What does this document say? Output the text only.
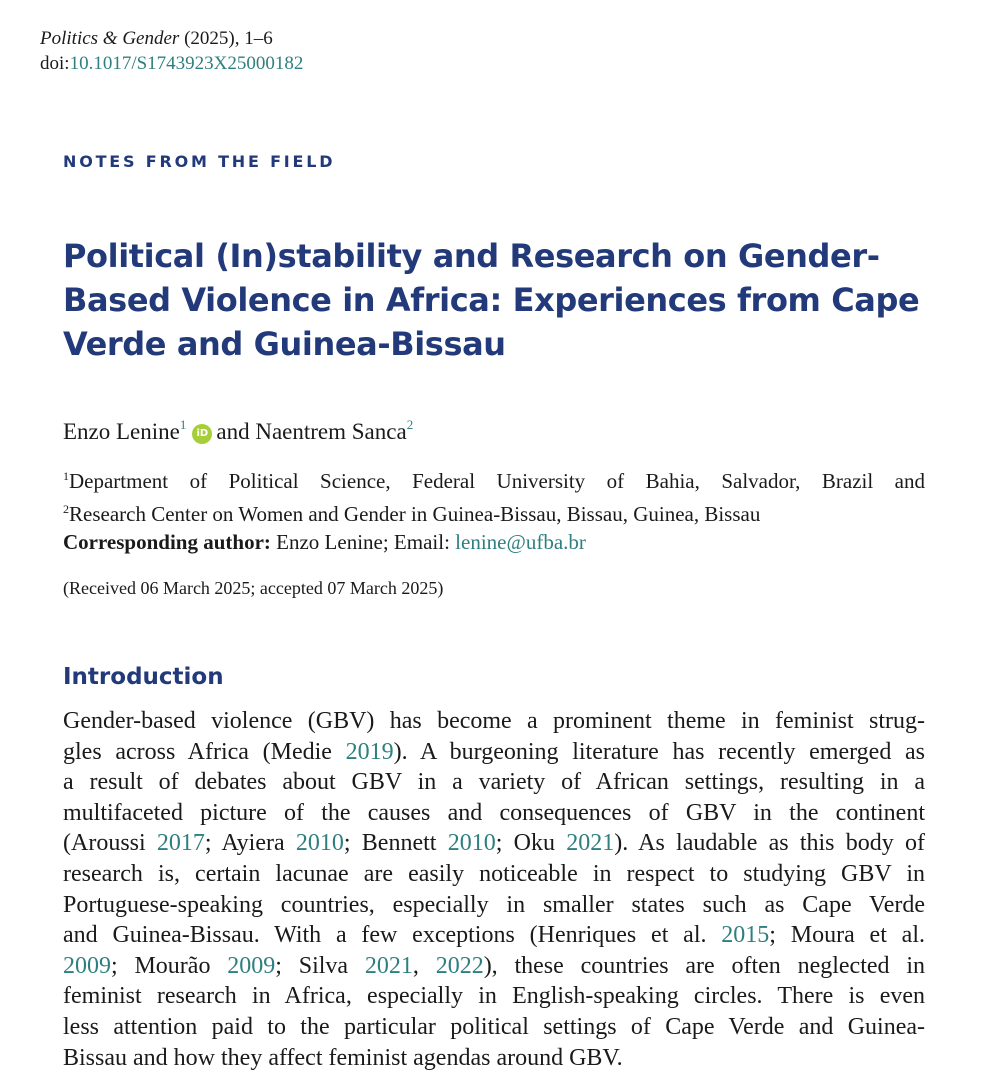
Politics & Gender (2025), 1–6
doi:10.1017/S1743923X25000182
NOTES FROM THE FIELD
Political (In)stability and Research on Gender-Based Violence in Africa: Experiences from Cape Verde and Guinea-Bissau
Enzo Lenine$^1$iD and Naentrem Sanca$^2$
$^1$Department of Political Science, Federal University of Bahia, Salvador, Brazil and
$^2$Research Center on Women and Gender in Guinea-Bissau, Bissau, Guinea, Bissau
Corresponding author: Enzo Lenine; Email: lenine@ufba.br
(Received 06 March 2025; accepted 07 March 2025)
Introduction
Gender-based violence (GBV) has become a prominent theme in feminist strug-
gles across Africa (Medie 2019). A burgeoning literature has recently emerged as
a result of debates about GBV in a variety of African settings, resulting in a
multifaceted picture of the causes and consequences of GBV in the continent
(Aroussi 2017; Ayiera 2010; Bennett 2010; Oku 2021). As laudable as this body of
research is, certain lacunae are easily noticeable in respect to studying GBV in
Portuguese-speaking countries, especially in smaller states such as Cape Verde
and Guinea-Bissau. With a few exceptions (Henriques et al. 2015; Moura et al.
2009; Mourão 2009; Silva 2021, 2022), these countries are often neglected in
feminist research in Africa, especially in English-speaking circles. There is even
less attention paid to the particular political settings of Cape Verde and Guinea-
Bissau and how they affect feminist agendas around GBV.
